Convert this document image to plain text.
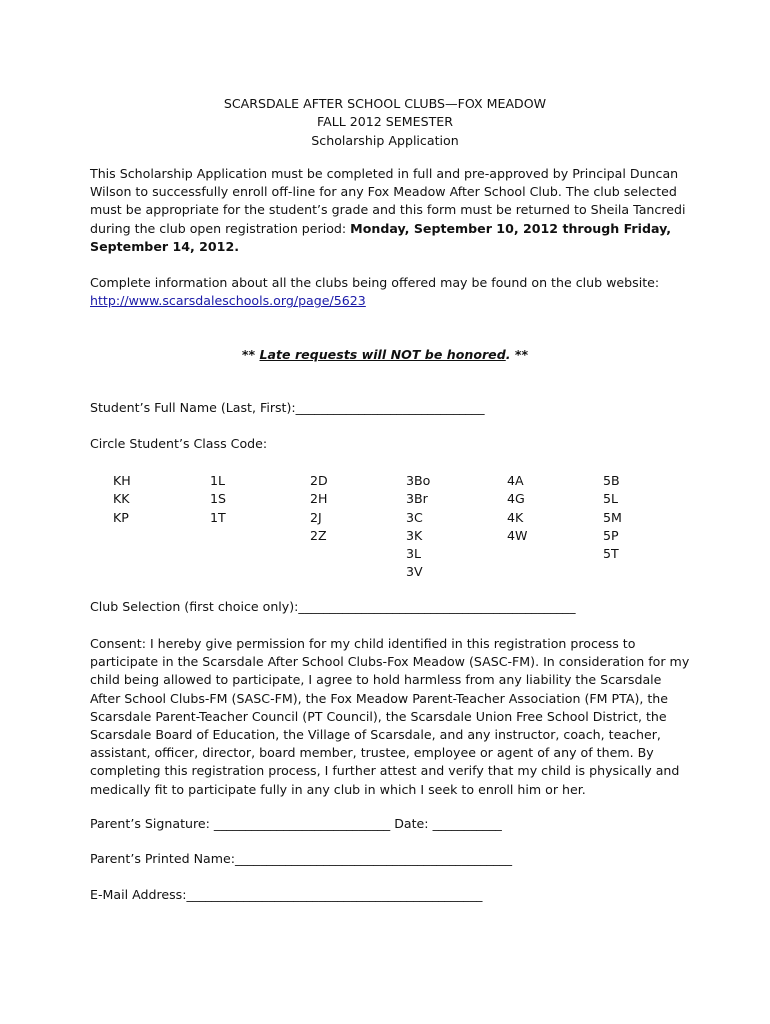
SCARSDALE AFTER SCHOOL CLUBS—FOX MEADOW
FALL 2012 SEMESTER
Scholarship Application
This Scholarship Application must be completed in full and pre-approved by Principal Duncan Wilson to successfully enroll off-line for any Fox Meadow After School Club. The club selected must be appropriate for the student’s grade and this form must be returned to Sheila Tancredi during the club open registration period: Monday, September 10, 2012 through Friday, September 14, 2012.
Complete information about all the clubs being offered may be found on the club website:
http://www.scarsdaleschools.org/page/5623
** Late requests will NOT be honored. **
Student’s Full Name (Last, First):______________________________
Circle Student’s Class Code:
KH
KK
KP
1L
1S
1T
2D
2H
2J
2Z
3Bo
3Br
3C
3K
3L
3V
4A
4G
4K
4W
5B
5L
5M
5P
5T
Club Selection (first choice only):____________________________________________
Consent: I hereby give permission for my child identified in this registration process to participate in the Scarsdale After School Clubs-Fox Meadow (SASC-FM). In consideration for my child being allowed to participate, I agree to hold harmless from any liability the Scarsdale After School Clubs-FM (SASC-FM), the Fox Meadow Parent-Teacher Association (FM PTA), the Scarsdale Parent-Teacher Council (PT Council), the Scarsdale Union Free School District, the Scarsdale Board of Education, the Village of Scarsdale, and any instructor, coach, teacher, assistant, officer, director, board member, trustee, employee or agent of any of them. By completing this registration process, I further attest and verify that my child is physically and medically fit to participate fully in any club in which I seek to enroll him or her.
Parent’s Signature: ____________________________ Date: ___________
Parent’s Printed Name:____________________________________________
E-Mail Address:_______________________________________________
